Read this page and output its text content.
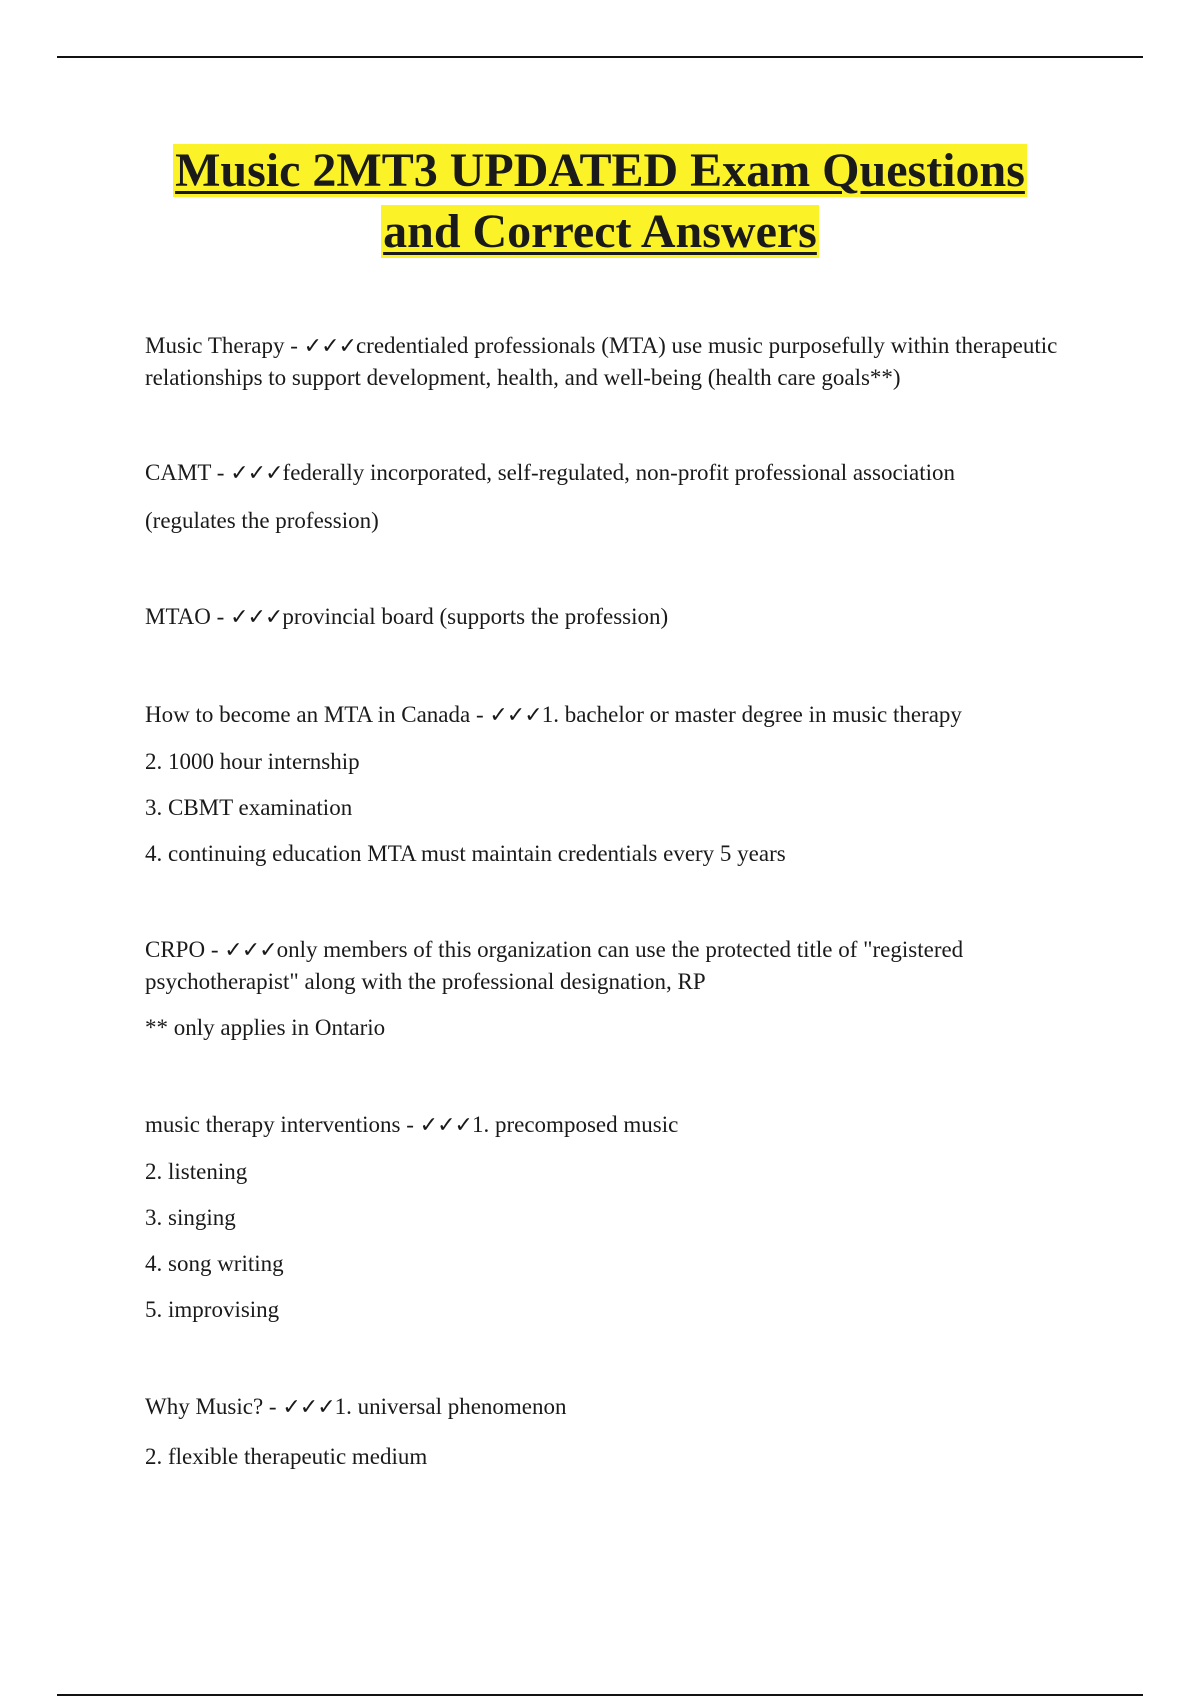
Music 2MT3 UPDATED Exam Questions
and Correct Answers
Music Therapy - ✓✓✓credentialed professionals (MTA) use music purposefully within therapeutic relationships to support development, health, and well-being (health care goals**)
CAMT - ✓✓✓federally incorporated, self-regulated, non-profit professional association
(regulates the profession)
MTAO - ✓✓✓provincial board (supports the profession)
How to become an MTA in Canada - ✓✓✓1. bachelor or master degree in music therapy
2. 1000 hour internship
3. CBMT examination
4. continuing education MTA must maintain credentials every 5 years
CRPO - ✓✓✓only members of this organization can use the protected title of "registered psychotherapist" along with the professional designation, RP
** only applies in Ontario
music therapy interventions - ✓✓✓1. precomposed music
2. listening
3. singing
4. song writing
5. improvising
Why Music? - ✓✓✓1. universal phenomenon
2. flexible therapeutic medium
